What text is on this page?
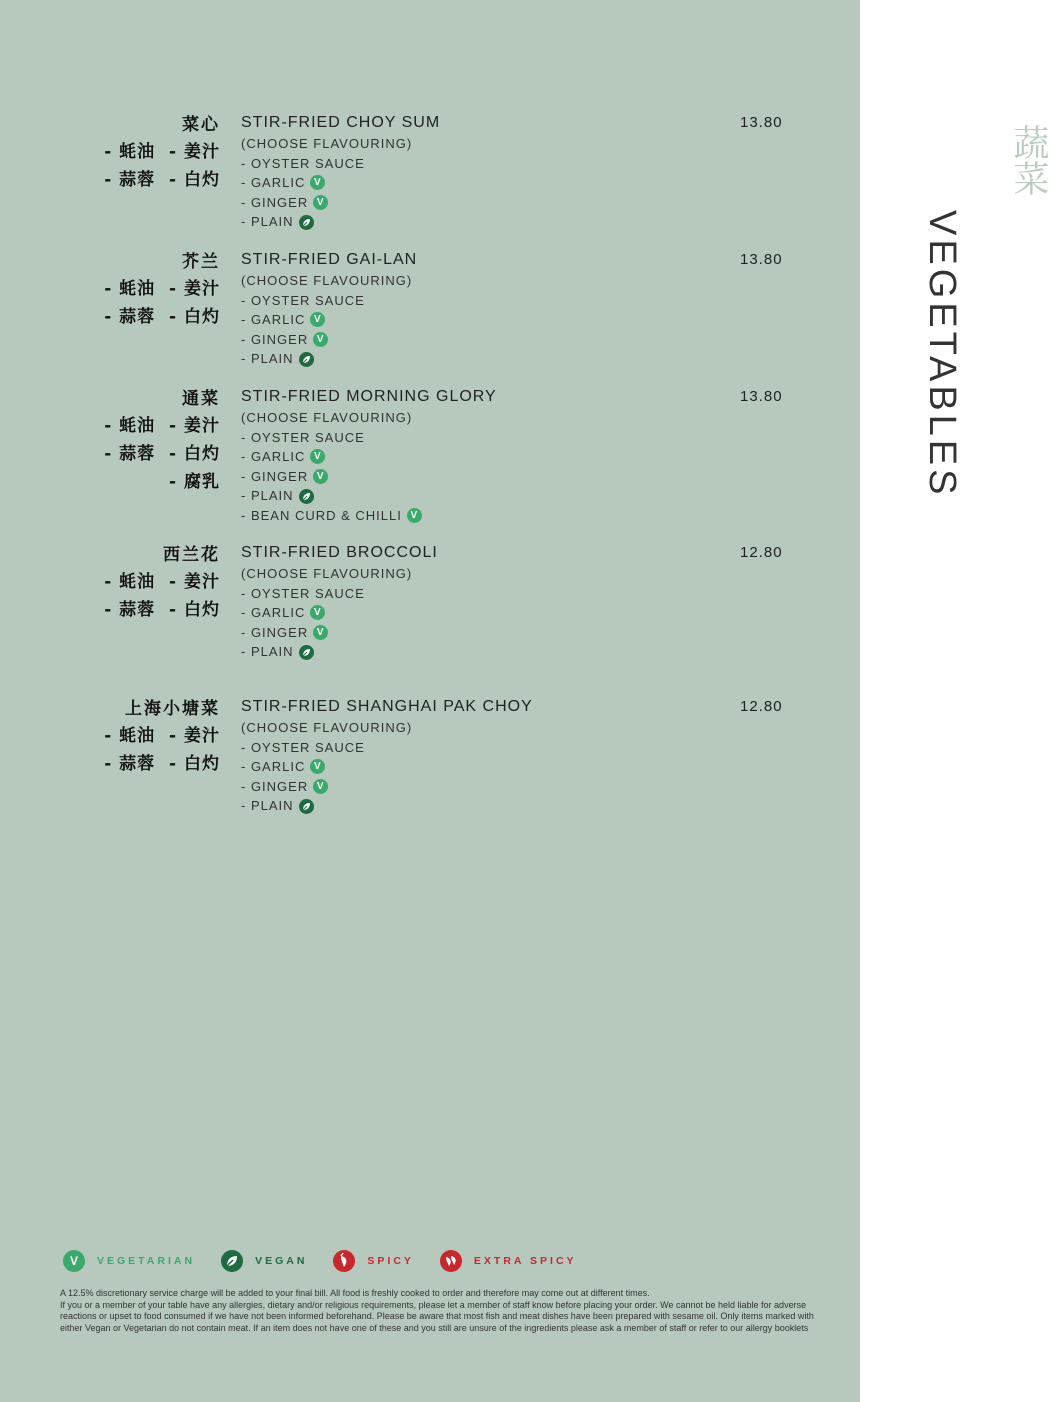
蔬菜
VEGETABLES
菜心
- 蚝油  - 姜汁
- 蒜蓉  - 白灼
STIR-FRIED CHOY SUM
(CHOOSE FLAVOURING)
- OYSTER SAUCE
- GARLIC V
- GINGER V
- PLAIN
13.80
芥兰
- 蚝油  - 姜汁
- 蒜蓉  - 白灼
STIR-FRIED GAI-LAN
(CHOOSE FLAVOURING)
- OYSTER SAUCE
- GARLIC V
- GINGER V
- PLAIN
13.80
通菜
- 蚝油  - 姜汁
- 蒜蓉  - 白灼
- 腐乳
STIR-FRIED MORNING GLORY
(CHOOSE FLAVOURING)
- OYSTER SAUCE
- GARLIC V
- GINGER V
- PLAIN
- BEAN CURD & CHILLI V
13.80
西兰花
- 蚝油  - 姜汁
- 蒜蓉  - 白灼
STIR-FRIED BROCCOLI
(CHOOSE FLAVOURING)
- OYSTER SAUCE
- GARLIC V
- GINGER V
- PLAIN
12.80
上海小塘菜
- 蚝油  - 姜汁
- 蒜蓉  - 白灼
STIR-FRIED SHANGHAI PAK CHOY
(CHOOSE FLAVOURING)
- OYSTER SAUCE
- GARLIC V
- GINGER V
- PLAIN
12.80
V	VEGETARIAN	VEGAN	SPICY	EXTRA SPICY
A 12.5% discretionary service charge will be added to your final bill. All food is freshly cooked to order and therefore may come out at different times.
If you or a member of your table have any allergies, dietary and/or religious requirements, please let a member of staff know before placing your order. We cannot be held liable for adverse reactions or upset to food consumed if we have not been informed beforehand. Please be aware that most fish and meat dishes have been prepared with sesame oil. Only items marked with either Vegan or Vegetarian do not contain meat. If an item does not have one of these and you still are unsure of the ingredients please ask a member of staff or refer to our allergy booklets
